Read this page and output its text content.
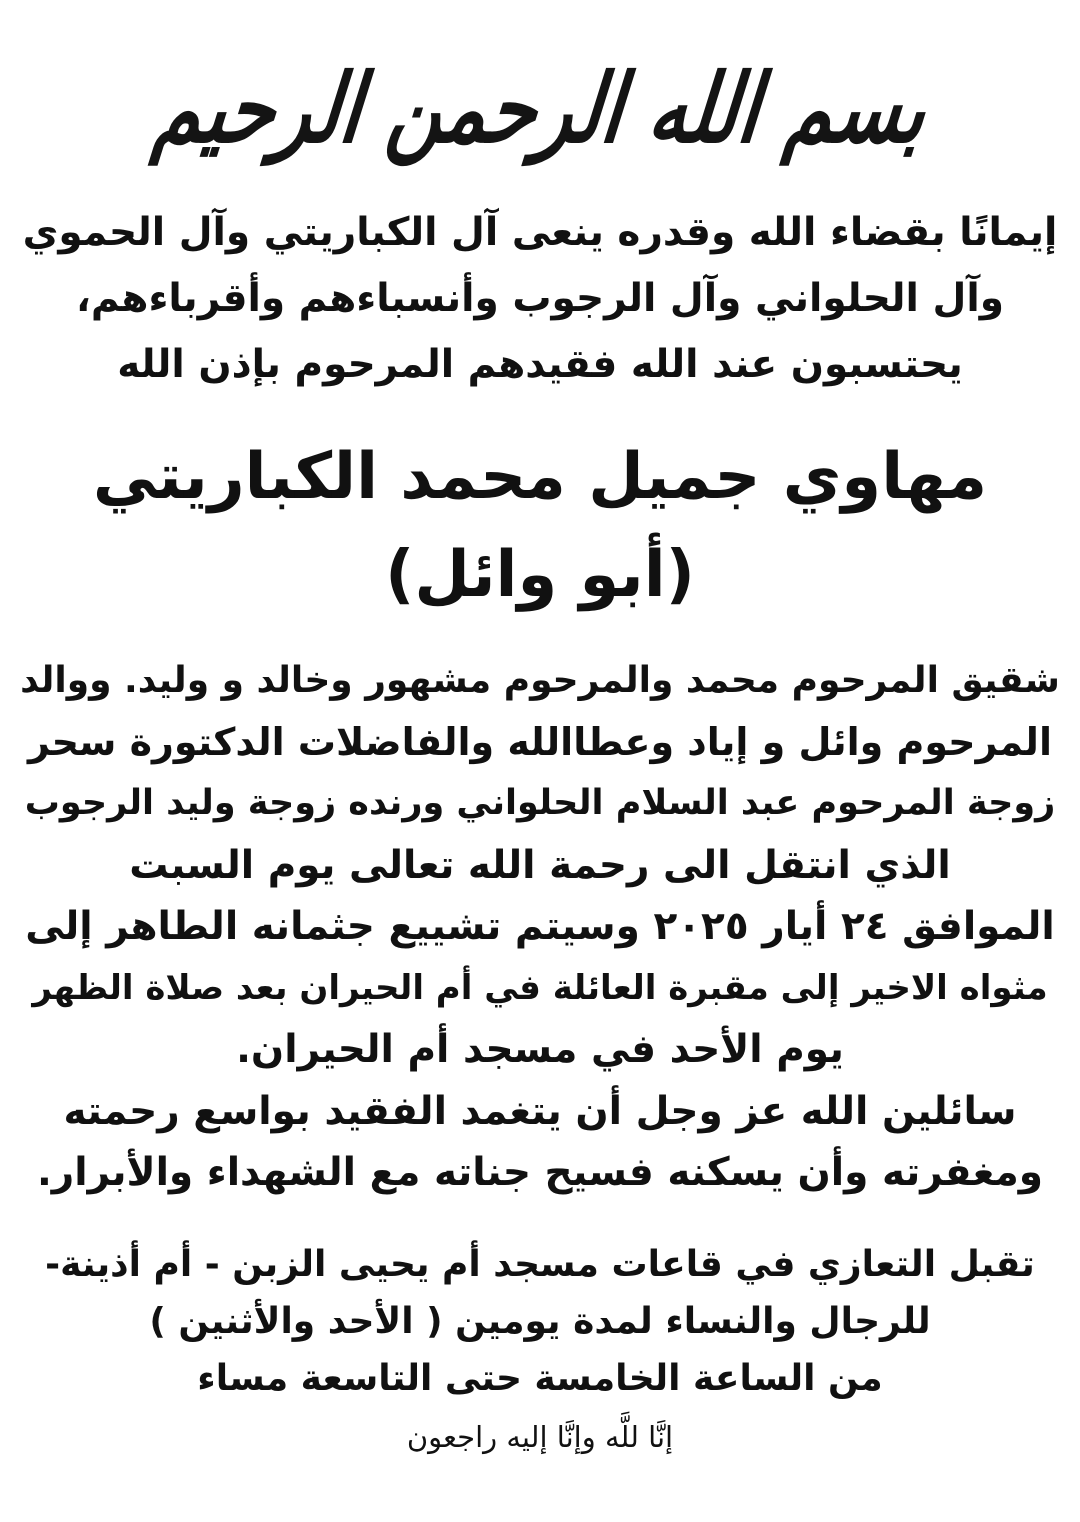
بسم الله الرحمن الرحيم
إيمانًا بقضاء الله وقدره ينعى آل الكباريتي وآل الحموي
وآل الحلواني وآل الرجوب وأنسباءهم وأقرباءهم،
يحتسبون عند الله فقيدهم المرحوم بإذن الله
مهاوي جميل محمد الكباريتي
(أبو وائل)
شقيق المرحوم محمد والمرحوم مشهور وخالد و وليد. ووالد
المرحوم وائل و إياد وعطاالله والفاضلات الدكتورة سحر
زوجة المرحوم عبد السلام الحلواني ورنده زوجة وليد الرجوب
الذي انتقل الى رحمة الله تعالى يوم السبت
الموافق ٢٤ أيار ٢٠٢٥ وسيتم تشييع جثمانه الطاهر إلى
مثواه الاخير إلى مقبرة العائلة في أم الحيران بعد صلاة الظهر
يوم الأحد في مسجد أم الحيران.
سائلين الله عز وجل أن يتغمد الفقيد بواسع رحمته
ومغفرته وأن يسكنه فسيح جناته مع الشهداء والأبرار.
تقبل التعازي في قاعات مسجد أم يحيى الزبن - أم أذينة-
للرجال والنساء لمدة يومين ( الأحد والأثنين )
من الساعة الخامسة حتى التاسعة مساء
إنَّا للَّه وإنَّا إليه راجعون
